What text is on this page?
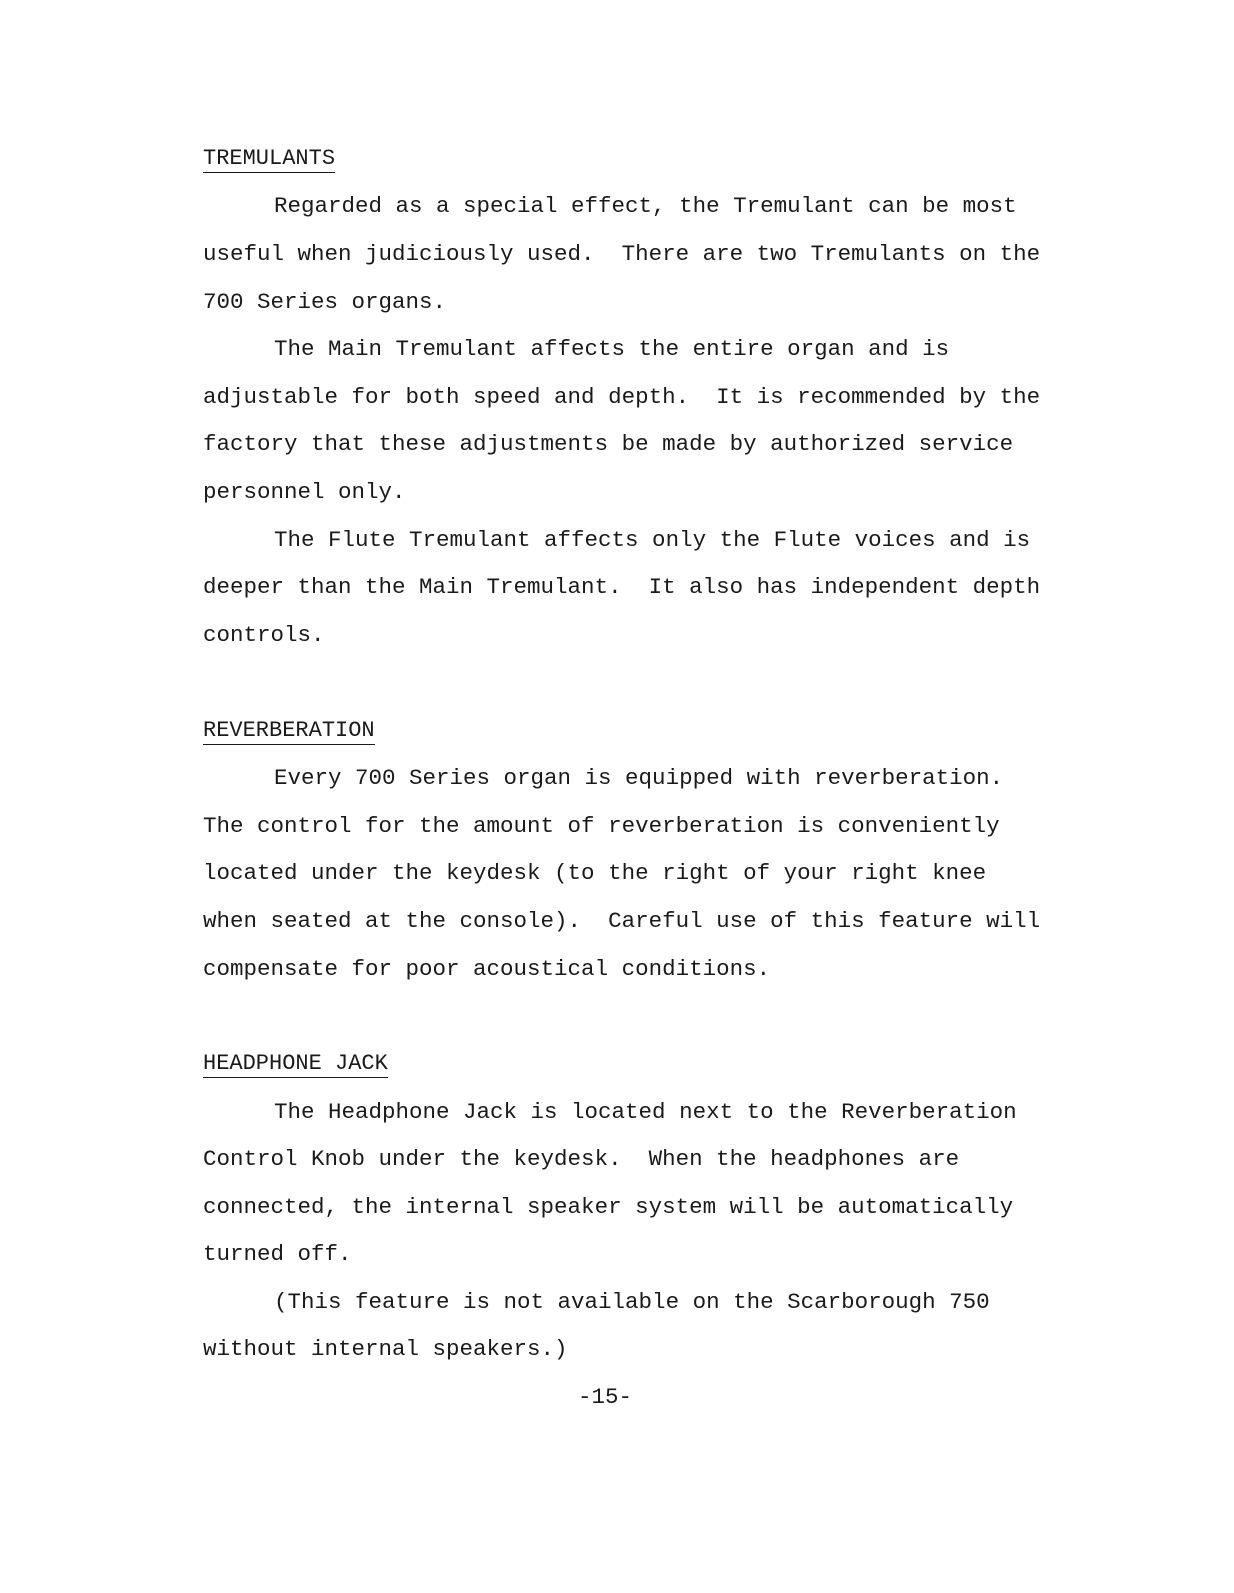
TREMULANTS

Regarded as a special effect, the Tremulant can be most

useful when judiciously used.  There are two Tremulants on the

700 Series organs.

The Main Tremulant affects the entire organ and is

adjustable for both speed and depth.  It is recommended by the

factory that these adjustments be made by authorized service

personnel only.

The Flute Tremulant affects only the Flute voices and is

deeper than the Main Tremulant.  It also has independent depth

controls.

REVERBERATION

Every 700 Series organ is equipped with reverberation.

The control for the amount of reverberation is conveniently

located under the keydesk (to the right of your right knee

when seated at the console).  Careful use of this feature will

compensate for poor acoustical conditions.

HEADPHONE JACK

The Headphone Jack is located next to the Reverberation

Control Knob under the keydesk.  When the headphones are

connected, the internal speaker system will be automatically

turned off.

(This feature is not available on the Scarborough 750

without internal speakers.)

-15-
